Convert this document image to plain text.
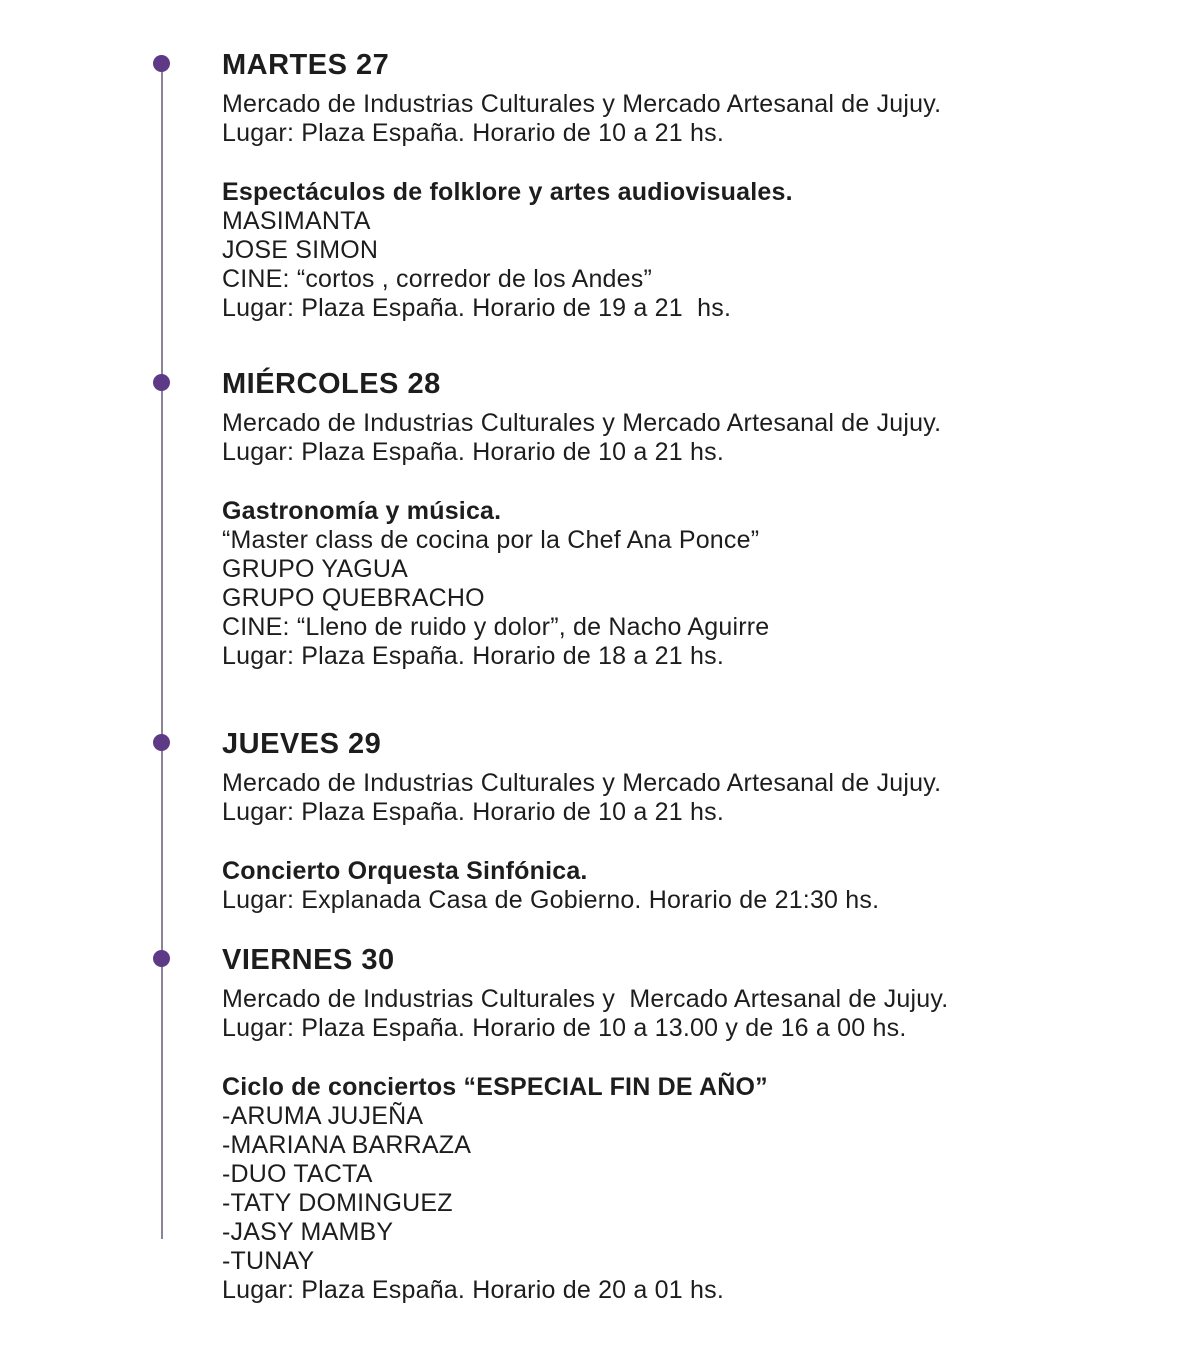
MARTES 27

Mercado de Industrias Culturales y Mercado Artesanal de Jujuy.

Lugar: Plaza España. Horario de 10 a 21 hs.

Espectáculos de folklore y artes audiovisuales.

MASIMANTA

JOSE SIMON

CINE: “cortos , corredor de los Andes”

Lugar: Plaza España. Horario de 19 a 21  hs.

MIÉRCOLES 28

Mercado de Industrias Culturales y Mercado Artesanal de Jujuy.

Lugar: Plaza España. Horario de 10 a 21 hs.

Gastronomía y música.

“Master class de cocina por la Chef Ana Ponce”

GRUPO YAGUA

GRUPO QUEBRACHO

CINE: “Lleno de ruido y dolor”, de Nacho Aguirre

Lugar: Plaza España. Horario de 18 a 21 hs.

JUEVES 29

Mercado de Industrias Culturales y Mercado Artesanal de Jujuy.

Lugar: Plaza España. Horario de 10 a 21 hs.

Concierto Orquesta Sinfónica.

Lugar: Explanada Casa de Gobierno. Horario de 21:30 hs.

VIERNES 30

Mercado de Industrias Culturales y  Mercado Artesanal de Jujuy.

Lugar: Plaza España. Horario de 10 a 13.00 y de 16 a 00 hs.

Ciclo de conciertos “ESPECIAL FIN DE AÑO”

-ARUMA JUJEÑA

-MARIANA BARRAZA

-DUO TACTA

-TATY DOMINGUEZ

-JASY MAMBY

-TUNAY

Lugar: Plaza España. Horario de 20 a 01 hs.
